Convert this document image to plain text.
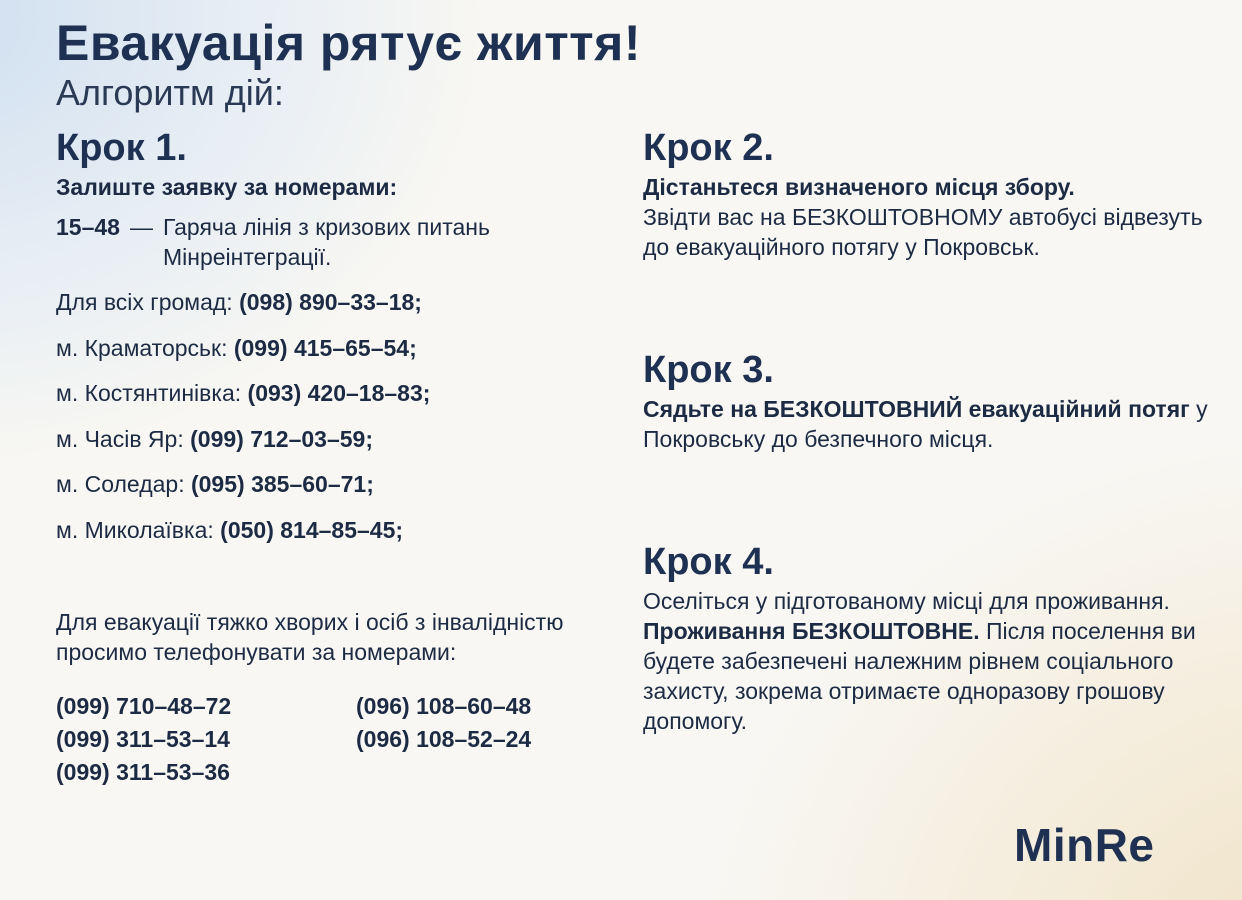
Евакуація рятує життя!
Алгоритм дій:
Крок 1.

Залиште заявку за номерами:

15–48 — Гаряча лінія з кризових питань Мінреінтеграції.
Для всіх громад: (098) 890–33–18;
м. Краматорськ: (099) 415–65–54;
м. Костянтинівка: (093) 420–18–83;
м. Часів Яр: (099) 712–03–59;
м. Соледар: (095) 385–60–71;
м. Миколаївка: (050) 814–85–45;

Для евакуації тяжко хворих і осіб з інвалідністю просимо телефонувати за номерами:

(099) 710–48–72	(096) 108–60–48
(099) 311–53–14	(096) 108–52–24
(099) 311–53–36
Крок 2.

Дістаньтеся визначеного місця збору.

Звідти вас на БЕЗКОШТОВНОМУ автобусі відвезуть до евакуаційного потягу у Покровськ.

Крок 3.

Сядьте на БЕЗКОШТОВНИЙ евакуаційний потяг у Покровську до безпечного місця.

Крок 4.

Оселіться у підготованому місці для проживання. Проживання БЕЗКОШТОВНЕ. Після поселення ви будете забезпечені належним рівнем соціального захисту, зокрема отримаєте одноразову грошову допомогу.

MinRe
